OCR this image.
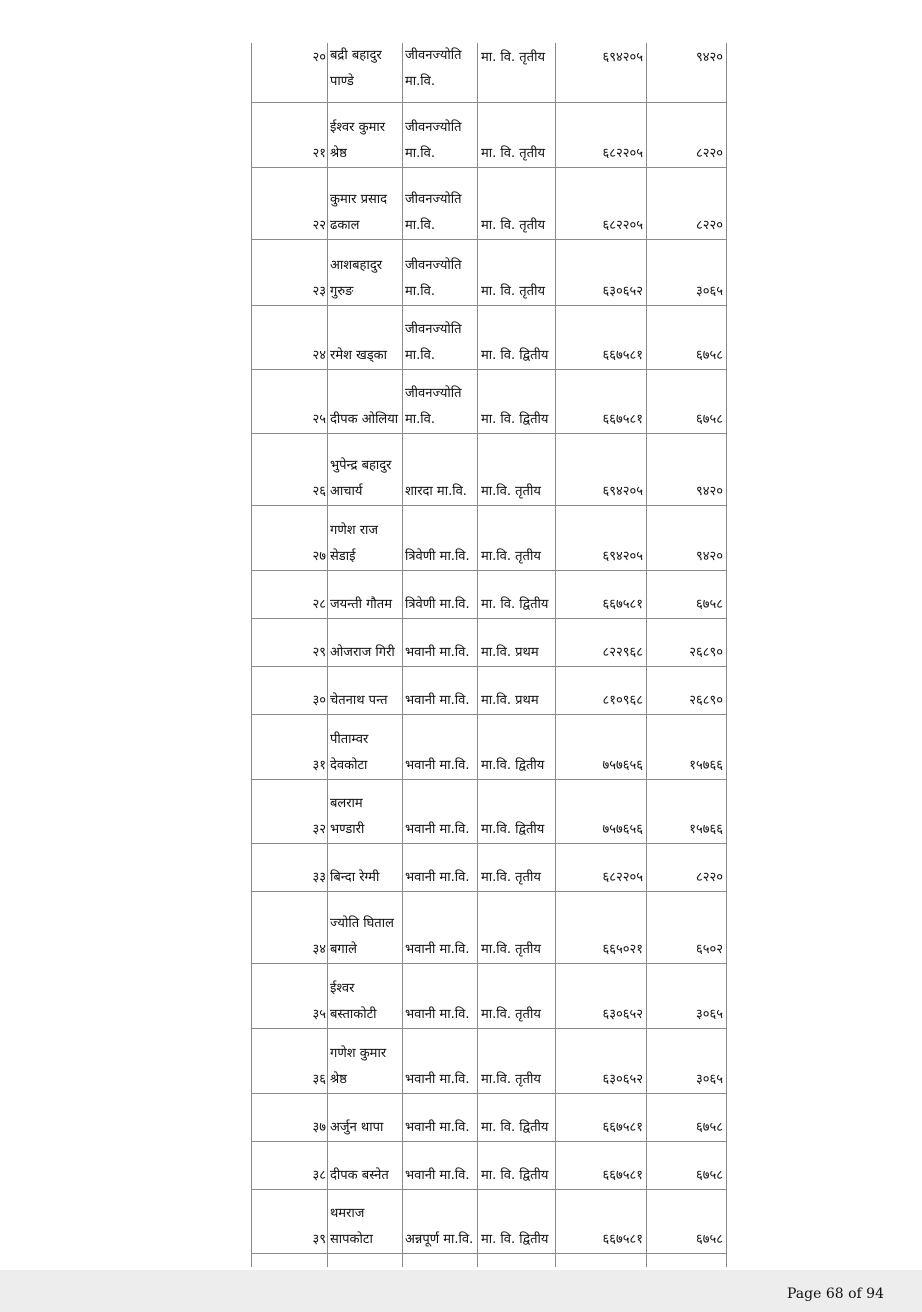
२०	बद्री बहादुर पाण्डे	जीवनज्योति मा.वि.	मा. वि. तृतीय	६९४२०५	९४२०
२१	ईश्वर कुमार श्रेष्ठ	जीवनज्योति मा.वि.	मा. वि. तृतीय	६८२२०५	८२२०
२२	कुमार प्रसाद ढकाल	जीवनज्योति मा.वि.	मा. वि. तृतीय	६८२२०५	८२२०
२३	आशबहादुर गुरुङ	जीवनज्योति मा.वि.	मा. वि. तृतीय	६३०६५२	३०६५
२४	रमेश खड्का	जीवनज्योति मा.वि.	मा. वि. द्वितीय	६६७५८१	६७५८
२५	दीपक ओलिया	जीवनज्योति मा.वि.	मा. वि. द्वितीय	६६७५८१	६७५८
२६	भुपेन्द्र बहादुर आचार्य	शारदा मा.वि.	मा.वि. तृतीय	६९४२०५	९४२०
२७	गणेश राज सेडाई	त्रिवेणी मा.वि.	मा.वि. तृतीय	६९४२०५	९४२०
२८	जयन्ती गौतम	त्रिवेणी मा.वि.	मा. वि. द्वितीय	६६७५८१	६७५८
२९	ओजराज गिरी	भवानी मा.वि.	मा.वि. प्रथम	८२२९६८	२६८९०
३०	चेतनाथ पन्त	भवानी मा.वि.	मा.वि. प्रथम	८१०९६८	२६८९०
३१	पीताम्वर देवकोटा	भवानी मा.वि.	मा.वि. द्वितीय	७५७६५६	१५७६६
३२	बलराम भण्डारी	भवानी मा.वि.	मा.वि. द्वितीय	७५७६५६	१५७६६
३३	बिन्दा रेग्मी	भवानी मा.वि.	मा.वि. तृतीय	६८२२०५	८२२०
३४	ज्योति घिताल बगाले	भवानी मा.वि.	मा.वि. तृतीय	६६५०२१	६५०२
३५	ईश्वर बस्ताकोटी	भवानी मा.वि.	मा.वि. तृतीय	६३०६५२	३०६५
३६	गणेश कुमार श्रेष्ठ	भवानी मा.वि.	मा.वि. तृतीय	६३०६५२	३०६५
३७	अर्जुन थापा	भवानी मा.वि.	मा. वि. द्वितीय	६६७५८१	६७५८
३८	दीपक बस्नेत	भवानी मा.वि.	मा. वि. द्वितीय	६६७५८१	६७५८
३९	थमराज सापकोटा	अन्नपूर्ण मा.वि.	मा. वि. द्वितीय	६६७५८१	६७५८

Page 68 of 94
